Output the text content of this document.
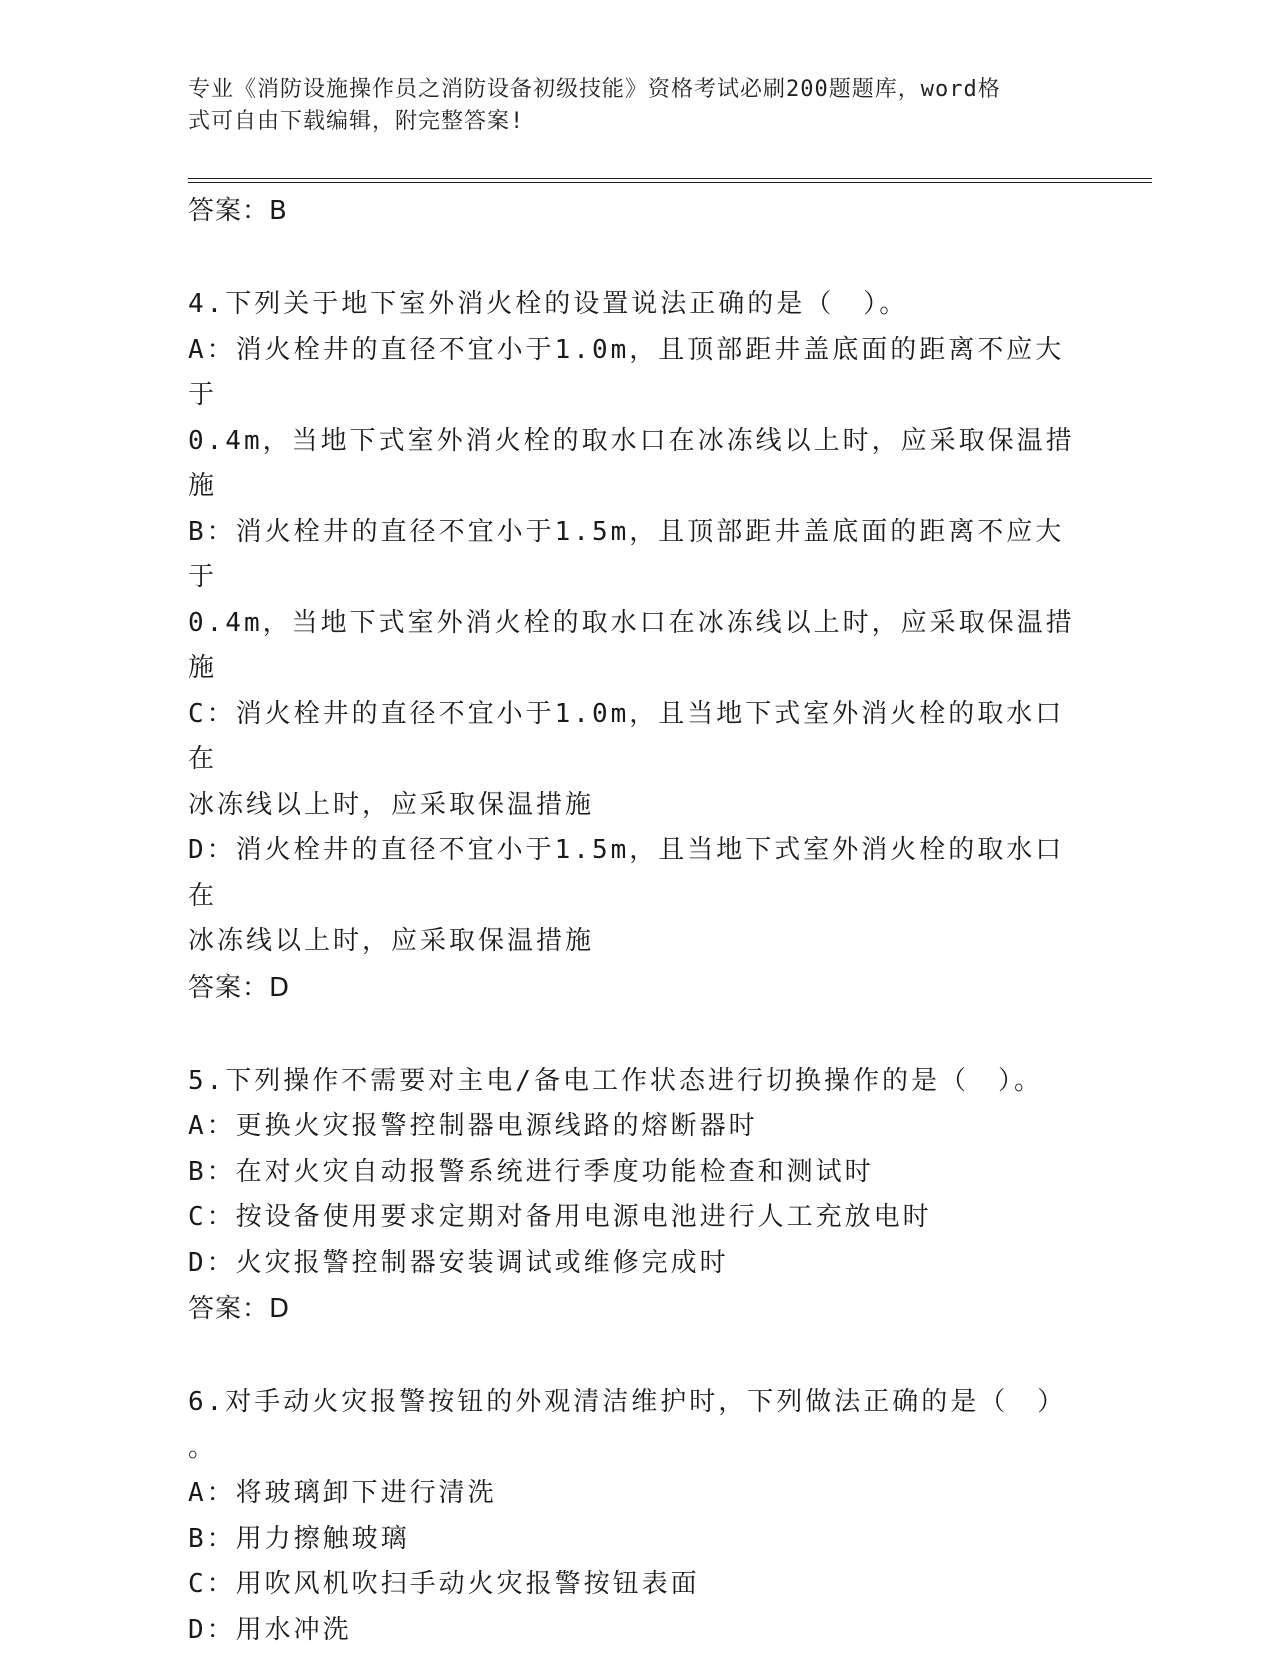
专业《消防设施操作员之消防设备初级技能》资格考试必刷200题题库，word格
式可自由下载编辑，附完整答案!
答案：B
4.下列关于地下室外消火栓的设置说法正确的是（　）。
A：消火栓井的直径不宜小于1.0m，且顶部距井盖底面的距离不应大于
0.4m，当地下式室外消火栓的取水口在冰冻线以上时，应采取保温措
施
B：消火栓井的直径不宜小于1.5m，且顶部距井盖底面的距离不应大于
0.4m，当地下式室外消火栓的取水口在冰冻线以上时，应采取保温措
施
C：消火栓井的直径不宜小于1.0m，且当地下式室外消火栓的取水口在
冰冻线以上时，应采取保温措施
D：消火栓井的直径不宜小于1.5m，且当地下式室外消火栓的取水口在
冰冻线以上时，应采取保温措施
答案：D
5.下列操作不需要对主电/备电工作状态进行切换操作的是（　）。
A：更换火灾报警控制器电源线路的熔断器时
B：在对火灾自动报警系统进行季度功能检查和测试时
C：按设备使用要求定期对备用电源电池进行人工充放电时
D：火灾报警控制器安装调试或维修完成时
答案：D
6.对手动火灾报警按钮的外观清洁维护时，下列做法正确的是（　）
。
A：将玻璃卸下进行清洗
B：用力擦触玻璃
C：用吹风机吹扫手动火灾报警按钮表面
D：用水冲洗
